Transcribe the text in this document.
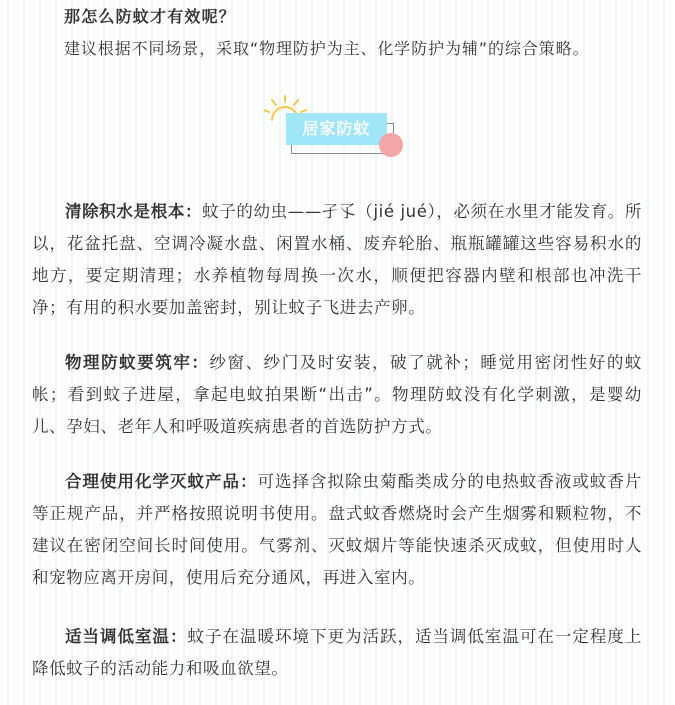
那怎么防蚊才有效呢？
建议根据不同场景，采取“物理防护为主、化学防护为辅”的综合策略。
居家防蚊

清除积水是根本：蚊子的幼虫——孑孓（jié jué），必须在水里才能发育。所以，花盆托盘、空调冷凝水盘、闲置水桶、废弃轮胎、瓶瓶罐罐这些容易积水的地方，要定期清理；水养植物每周换一次水，顺便把容器内壁和根部也冲洗干净；有用的积水要加盖密封，别让蚊子飞进去产卵。

物理防蚊要筑牢：纱窗、纱门及时安装，破了就补；睡觉用密闭性好的蚊帐；看到蚊子进屋，拿起电蚊拍果断“出击”。物理防蚊没有化学刺激，是婴幼儿、孕妇、老年人和呼吸道疾病患者的首选防护方式。

合理使用化学灭蚊产品：可选择含拟除虫菊酯类成分的电热蚊香液或蚊香片等正规产品，并严格按照说明书使用。盘式蚊香燃烧时会产生烟雾和颗粒物，不建议在密闭空间长时间使用。气雾剂、灭蚊烟片等能快速杀灭成蚊，但使用时人和宠物应离开房间，使用后充分通风，再进入室内。

适当调低室温：蚊子在温暖环境下更为活跃，适当调低室温可在一定程度上降低蚊子的活动能力和吸血欲望。
